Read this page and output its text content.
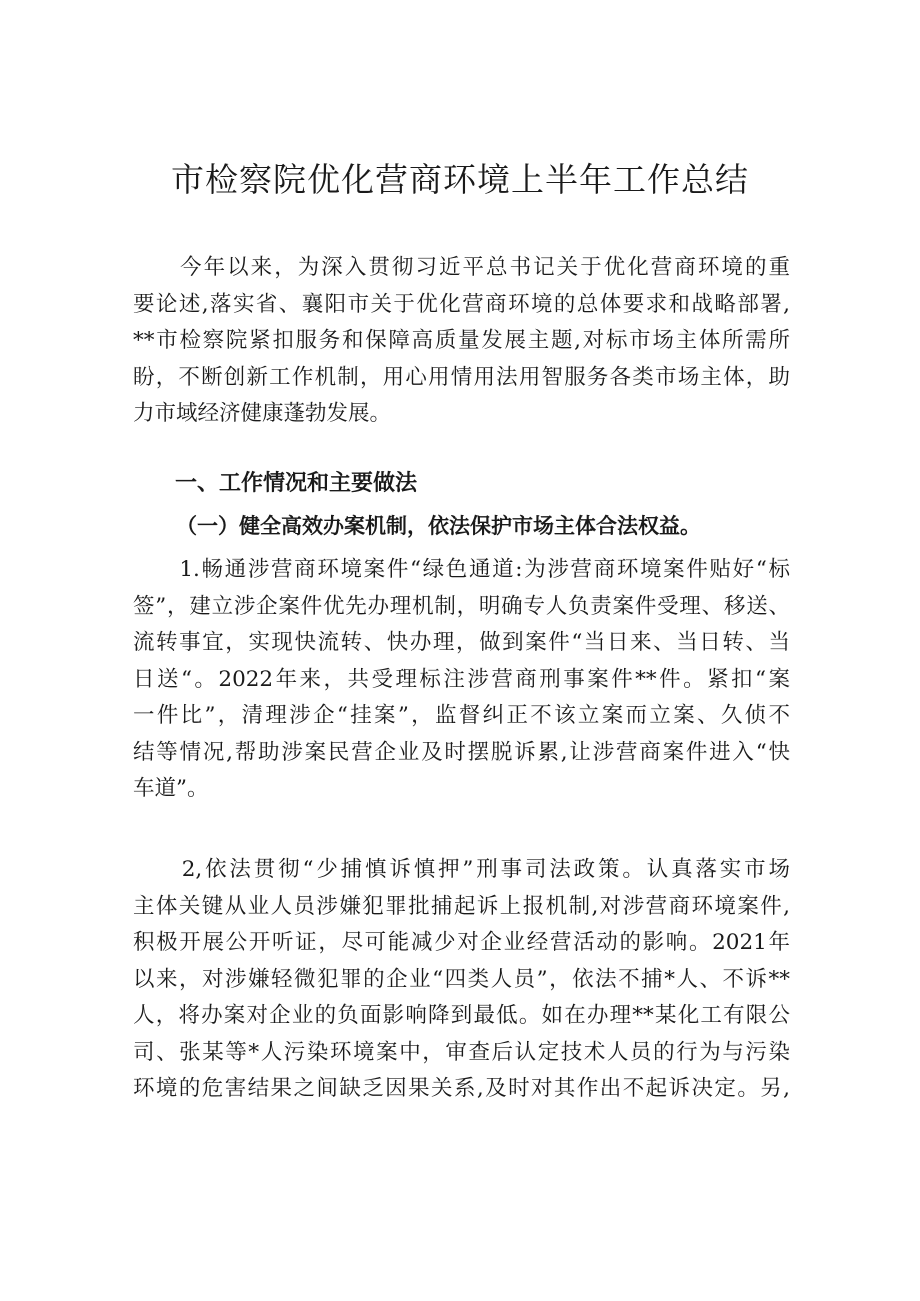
市检察院优化营商环境上半年工作总结
　　今年以来，为深入贯彻习近平总书记关于优化营商环境的重
要论述,落实省、襄阳市关于优化营商环境的总体要求和战略部署,
**市检察院紧扣服务和保障高质量发展主题,对标市场主体所需所
盼，不断创新工作机制，用心用情用法用智服务各类市场主体，助
力市域经济健康蓬勃发展。
一、工作情况和主要做法
（一）健全高效办案机制，依法保护市场主体合法权益。
　　1.畅通涉营商环境案件“绿色通道:为涉营商环境案件贴好“标
签”，建立涉企案件优先办理机制，明确专人负责案件受理、移送、
流转事宜，实现快流转、快办理，做到案件“当日来、当日转、当
日送“。2022年来，共受理标注涉营商刑事案件**件。紧扣“案
一件比”，清理涉企“挂案”，监督纠正不该立案而立案、久侦不
结等情况,帮助涉案民营企业及时摆脱诉累,让涉营商案件进入“快
车道”。
　　2,依法贯彻“少捕慎诉慎押”刑事司法政策。认真落实市场
主体关键从业人员涉嫌犯罪批捕起诉上报机制,对涉营商环境案件,
积极开展公开听证，尽可能减少对企业经营活动的影响。2021年
以来，对涉嫌轻微犯罪的企业“四类人员”，依法不捕*人、不诉**
人，将办案对企业的负面影响降到最低。如在办理**某化工有限公
司、张某等*人污染环境案中，审查后认定技术人员的行为与污染
环境的危害结果之间缺乏因果关系,及时对其作出不起诉决定。另,
